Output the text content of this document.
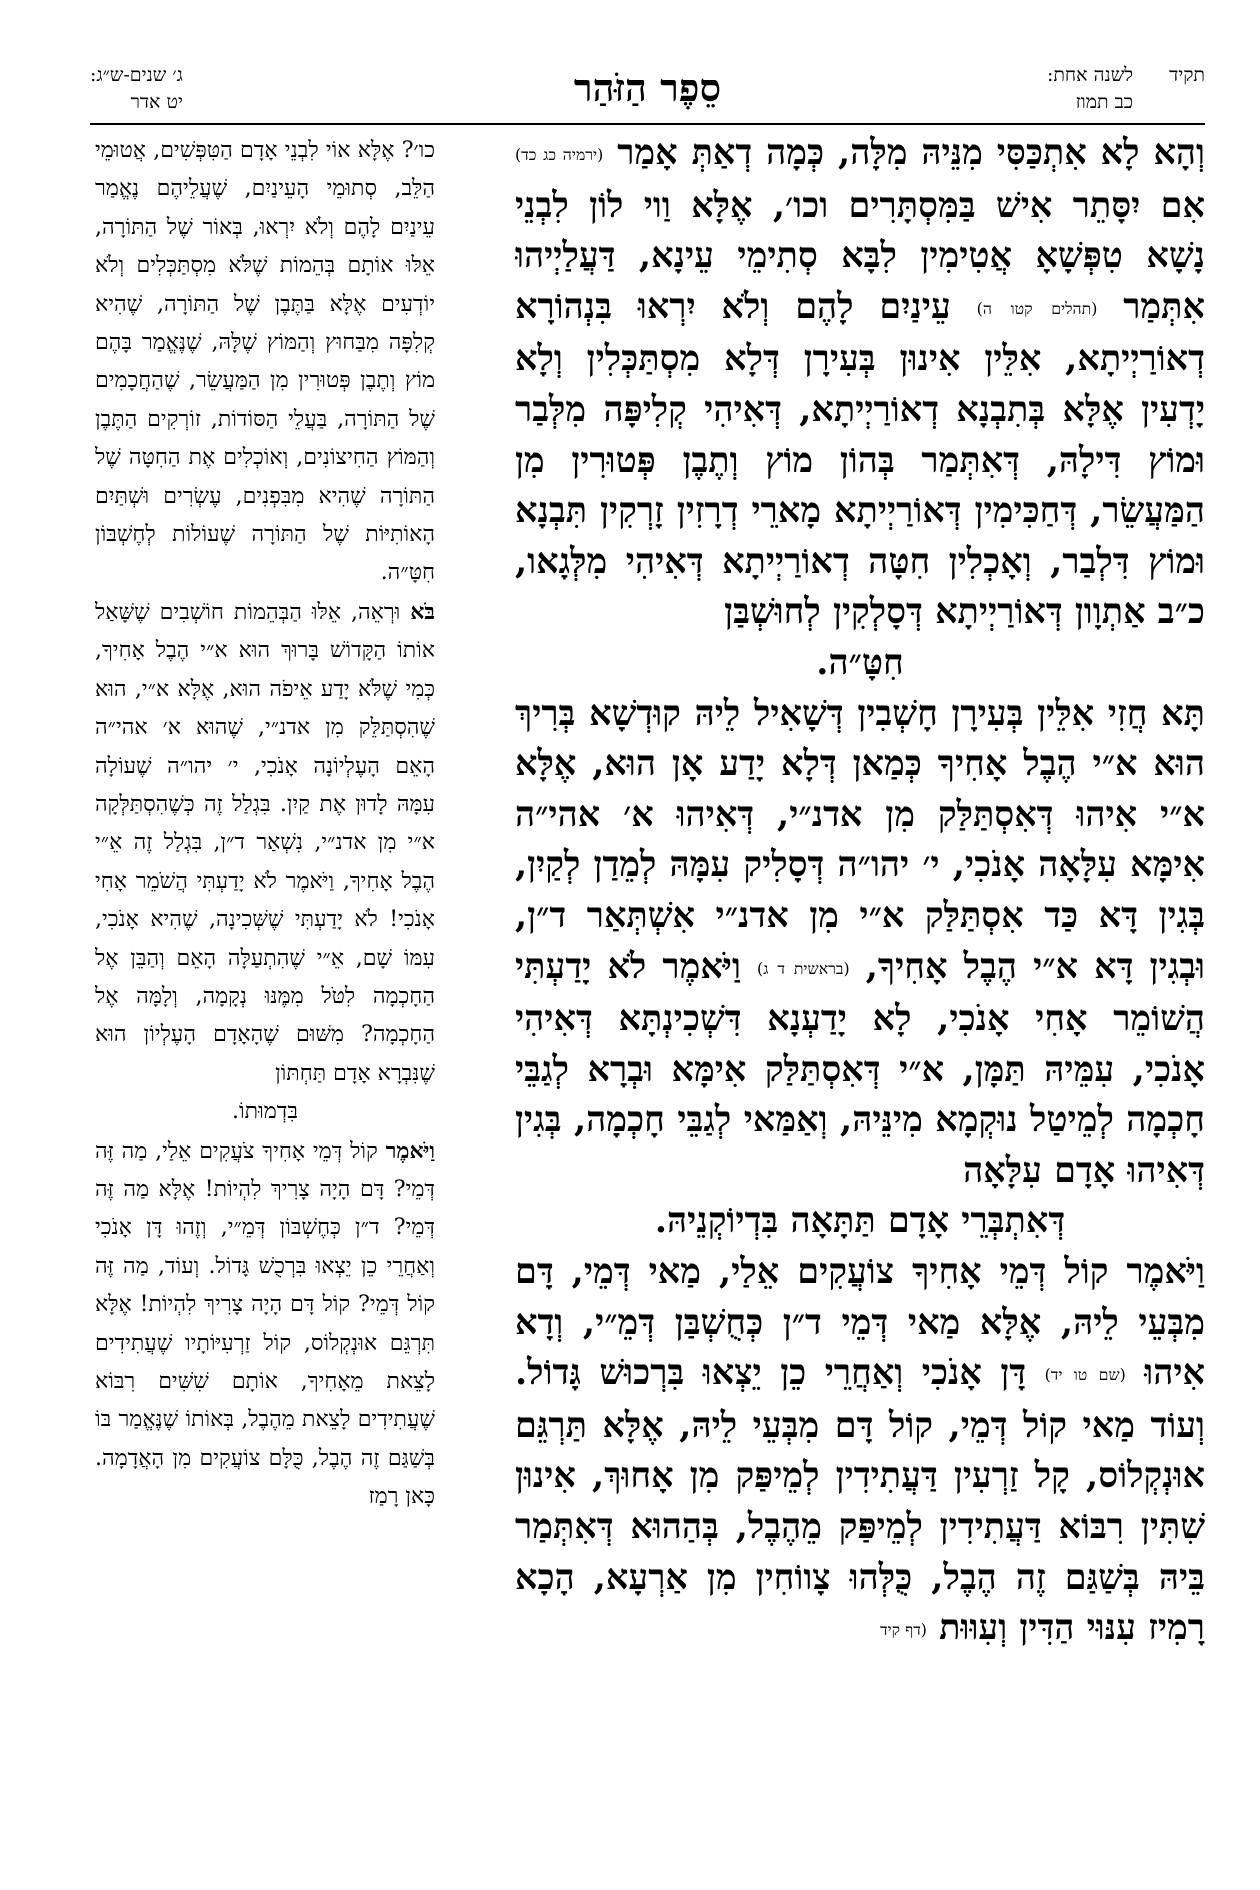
תקיד לשנה אחת:
כב תמוז
סֵפֶר הַזֹּהַר
ג׳ שנים-ש״ג:
יט אדר

וְהָא לָא אִתְכַּסִּי מִנֵּיהּ מִלָּה, כְּמָה דְאַתְּ אָמַר (ירמיה כג כד) אִם יִסָּתֵר אִישׁ בַּמִּסְתָּרִים וכו׳, אֶלָּא וַוי לוֹן לִבְנֵי נָשָׁא טִפְּשָׁאָ אֲטִימִין לִבָּא סְתִימֵי עֵינָא, דַּעֲלַיְיהוּ אִתְּמַר (תהלים קטו ה) עֵינַיִם לָהֶם וְלֹא יִרְאוּ בִּנְהוֹרָא דְאוֹרַיְיתָא, אִלֵּין אִינוּן בְּעִירָן דְּלָא מִסְתַּכְּלִין וְלָא יָדְעִין אֶלָּא בְּתִבְנָא דְאוֹרַיְיתָא, דְּאִיהִי קְלִיפָּה מִלְּבַר וּמוֹץ דִּילָהּ, דְּאִתְּמַר בְּהוֹן מוֹץ וְתֶבֶן פְּטוּרִין מִן הַמַּעֲשֵׂר, דְּחַכִּימִין דְּאוֹרַיְיתָא מָארֵי דְרָזִין זָרְקִין תִּבְנָא וּמוֹץ דִּלְבַר, וְאָכְלִין חִטָּה דְאוֹרַיְיתָא דְּאִיהִי מִלְּגָאו, כ״ב אַתְוָון דְּאוֹרַיְיתָא דְּסָלְקִין לְחוּשְׁבַּן

חִטָּ״ה.

תָּא חֲזִי אִלֵּין בְּעִירָן חָשְׁבִין דְּשָׁאִיל לֵיהּ קוּדְשָׁא בְּרִיךְ הוּא א״י הֶבֶל אָחִיךָ כְּמַאן דְּלָא יָדַע אָן הוּא, אֶלָּא א״י אִיהוּ דְּאִסְתַּלַּק מִן אדנ״י, דְּאִיהוּ א׳ אהי״ה אִימָּא עִלָּאָה אָנֹכִי, י׳ יהו״ה דְּסָלִיק עִמָּהּ לְמֵדַן לְקַיִן, בְּגִין דָּא כַּד אִסְתַּלַּק א״י מִן אדנ״י אִשְׁתְּאַר ד״ן, וּבְגִין דָּא א״י הֶבֶל אָחִיךָ, (בראשית ד ג) וַיֹּאמֶר לֹא יָדַעְתִּי הֲשׁוֹמֵר אָחִי אָנֹכִי, לָא יָדַעְנָא דִּשְׁכִינְתָּא דְּאִיהִי אָנֹכִי, עִמֵּיהּ תַּמָּן, א״י דְּאִסְתַּלַּק אִימָּא וּבְרָא לְגַבֵּי חָכְמָה לְמֵיטַל נוּקְמָא מִינֵּיהּ, וְאַמַּאי לְגַבֵּי חָכְמָה, בְּגִין דְּאִיהוּ אָדָם עִלָּאָה

דְּאִתְבְּרֵי אָדָם תַּתָּאָה בִּדְיוֹקְנֵיהּ.

וַיֹּאמֶר קוֹל דְּמֵי אָחִיךָ צוֹעֲקִים אֵלַי, מַאי דְּמֵי, דָּם מִבְּעֵי לֵיהּ, אֶלָּא מַאי דְּמֵי ד״ן כְּחֻשְׁבַּן דְּמֵ״י, וְדָא אִיהוּ (שם טו יד) דָּן אָנֹכִי וְאַחֲרֵי כֵן יֵצְאוּ בִּרְכוּשׁ גָּדוֹל. וְעוֹד מַאי קוֹל דְּמֵי, קוֹל דָּם מִבְּעֵי לֵיהּ, אֶלָּא תַּרְגֵּם אוּנְקְלוֹס, קָל זַרְעִין דַּעֲתִידִין לְמֵיפַּק מִן אָחוּךְ, אִינוּן שִׁתִּין רִבּוֹא דַּעֲתִידִין לְמֵיפַּק מֵהֶבֶל, בְּהַהוּא דְּאִתְּמַר בֵּיהּ בְּשַׁגַּם זֶה הֶבֶל, כֻּלְּהוּ צָווֹחִין מִן אַרְעָא, הָכָא רָמִיז עִנּוּי הַדִּין וְעִוּוּת (דף קיד

כו׳? אֶלָּא אוֹי לִבְנֵי אָדָם הַטִּפְּשִׁים, אֲטוּמֵי הַלֵּב, סְתוּמֵי הָעֵינַיִם, שֶׁעֲלֵיהֶם נֶאֱמַר עֵינַיִם לָהֶם וְלֹא יִרְאוּ, בְּאוֹר שֶׁל הַתּוֹרָה, אֵלּוּ אוֹתָם בְּהֵמוֹת שֶׁלֹּא מִסְתַּכְּלִים וְלֹא יוֹדְעִים אֶלָּא בַּתֶּבֶן שֶׁל הַתּוֹרָה, שֶׁהִיא קְלִפָּה מִבַּחוּץ וְהַמּוֹץ שֶׁלָּהּ, שֶׁנֶּאֱמַר בָּהֶם מוֹץ וְתֶבֶן פְּטוּרִין מִן הַמַּעֲשֵׂר, שֶׁהַחֲכָמִים שֶׁל הַתּוֹרָה, בַּעֲלֵי הַסּוֹדוֹת, זוֹרְקִים הַתֶּבֶן וְהַמּוֹץ הַחִיצוֹנִים, וְאוֹכְלִים אֶת הַחִטָּה שֶׁל הַתּוֹרָה שֶׁהִיא מִבִּפְנִים, עֶשְׂרִים וּשְׁתַּיִם הָאוֹתִיּוֹת שֶׁל הַתּוֹרָה שֶׁעוֹלוֹת לְחֶשְׁבּוֹן חִטָּ״ה.

בֹּא וּרְאֵה, אֵלּוּ הַבְּהֵמוֹת חוֹשְׁבִים שֶׁשָּׁאַל אוֹתוֹ הַקָּדוֹשׁ בָּרוּךְ הוּא א״י הֶבֶל אָחִיךָ, כְּמִי שֶׁלֹּא יָדַע אֵיפֹה הוּא, אֶלָּא א״י, הוּא שֶׁהִסְתַּלֵּק מִן אדנ״י, שֶׁהוּא א׳ אהי״ה הָאֵם הָעֶלְיוֹנָה אָנֹכִי, י׳ יהו״ה שֶׁעוֹלָה עִמָּהּ לָדוּן אֶת קַיִן. בִּגְלַל זֶה כְּשֶׁהִסְתַּלְּקָה א״י מִן אדנ״י, נִשְׁאַר ד״ן, בִּגְלַל זֶה אֵ״י הֶבֶל אָחִיךָ, וַיֹּאמֶר לֹא יָדַעְתִּי הֲשֹׁמֵר אָחִי אָנֹכִי! לֹא יָדַעְתִּי שֶׁשְּׁכִינָה, שֶׁהִיא אָנֹכִי, עִמּוֹ שָׁם, אֵ״י שֶׁהִתְעַלָּה הָאֵם וְהַבֵּן אֶל הַחָכְמָה לִטֹּל מִמֶּנּוּ נְקָמָה, וְלָמָּה אֶל הַחָכְמָה? מִשּׁוּם שֶׁהָאָדָם הָעֶלְיוֹן הוּא שֶׁנִּבְרָא אָדָם תַּחְתּוֹן

בִּדְמוּתוֹ.

וַיֹּאמֶר קוֹל דְּמֵי אָחִיךָ צֹעֲקִים אֵלַי, מַה זֶּה דְּמֵי? דָּם הָיָה צָרִיךְ לִהְיוֹת! אֶלָּא מַה זֶּה דְּמֵי? ד״ן כְּחֶשְׁבּוֹן דְּמֵ״י, וְזֶהוּ דָּן אָנֹכִי וְאַחֲרֵי כֵן יֵצְאוּ בִּרְכֻשׁ גָּדוֹל. וְעוֹד, מַה זֶּה קוֹל דְּמֵי? קוֹל דָּם הָיָה צָרִיךְ לִהְיוֹת! אֶלָּא תִּרְגֵּם אוּנְקְלוֹס, קוֹל זַרְעִיּוֹתָיו שֶׁעֲתִידִים לָצֵאת מֵאָחִיךָ, אוֹתָם שִׁשִּׁים רִבּוֹא שֶׁעֲתִידִים לָצֵאת מֵהֶבֶל, בְּאוֹתוֹ שֶׁנֶּאֱמַר בּוֹ בְּשַׁגַּם זֶה הֶבֶל, כֻּלָּם צוֹעֲקִים מִן הָאֲדָמָה. כָּאן רָמַז
